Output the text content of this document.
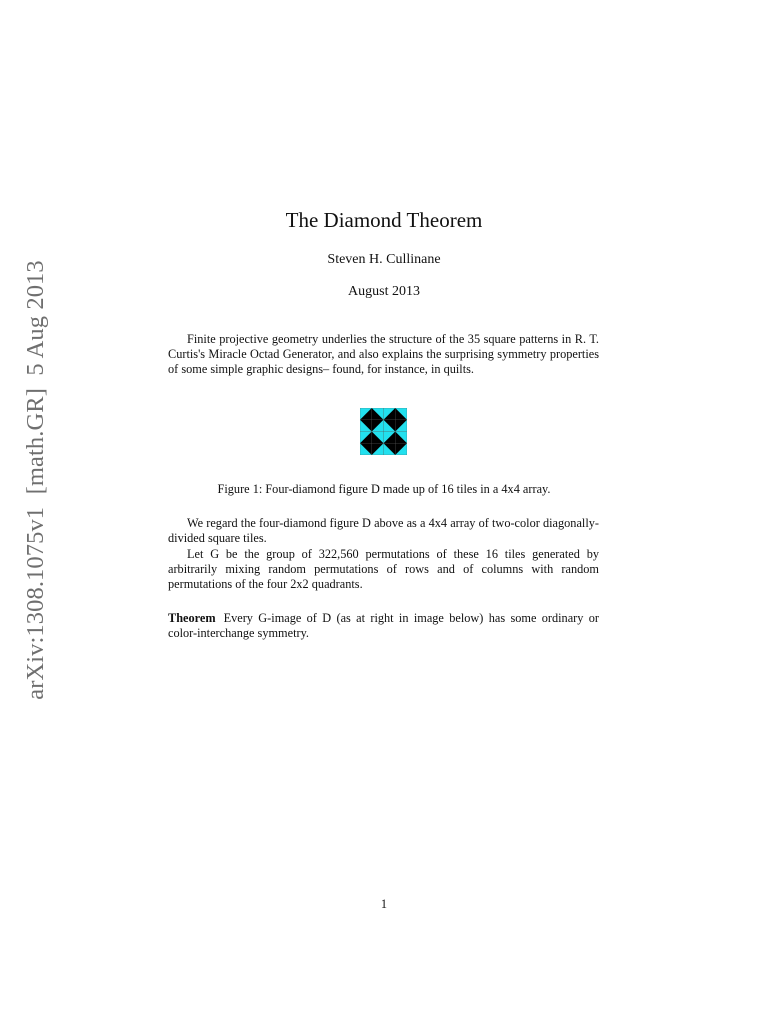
arXiv:1308.1075v1  [math.GR]  5 Aug 2013
The Diamond Theorem
Steven H. Cullinane
August 2013
Finite projective geometry underlies the structure of the 35 square patterns in R. T. Curtis's Miracle Octad Generator, and also explains the surprising symmetry properties of some simple graphic designs– found, for instance, in quilts.
Figure 1: Four-diamond figure D made up of 16 tiles in a 4x4 array.
We regard the four-diamond figure D above as a 4x4 array of two-color diagonally-divided square tiles.
Let G be the group of 322,560 permutations of these 16 tiles generated by arbitrarily mixing random permutations of rows and of columns with random permutations of the four 2x2 quadrants.
Theorem Every G-image of D (as at right in image below) has some ordinary or color-interchange symmetry.
1
